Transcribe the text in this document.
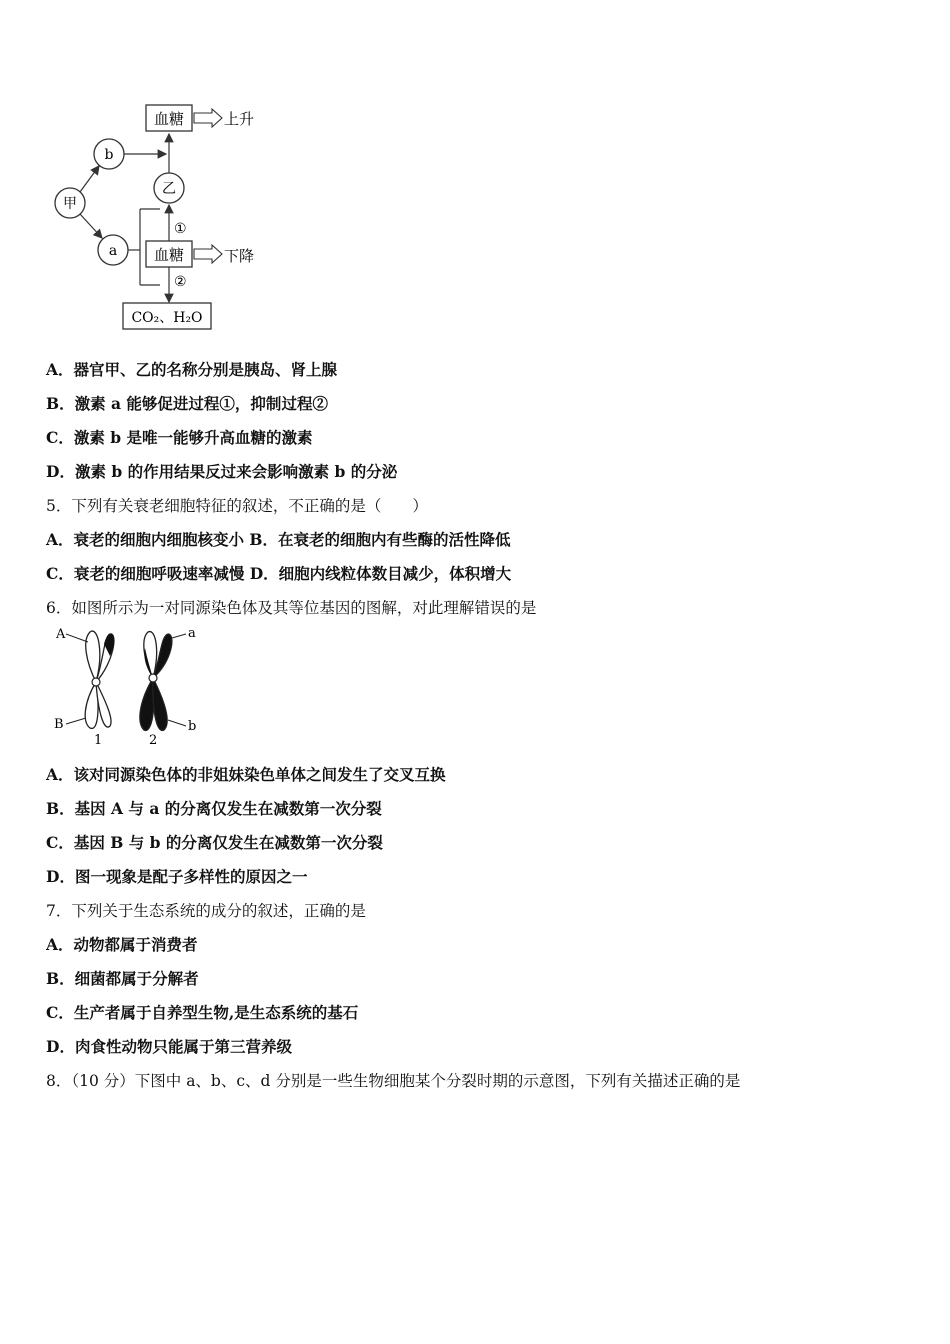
血糖	上升
甲
b
a
乙
血糖	下降
①
②
CO₂、H₂O
A．器官甲、乙的名称分别是胰岛、肾上腺
B．激素 a 能够促进过程①，抑制过程②
C．激素 b 是唯一能够升高血糖的激素
D．激素 b 的作用结果反过来会影响激素 b 的分泌
5．下列有关衰老细胞特征的叙述，不正确的是（　　）
A．衰老的细胞内细胞核变小 B．在衰老的细胞内有些酶的活性降低
C．衰老的细胞呼吸速率减慢 D．细胞内线粒体数目减少，体积增大
6．如图所示为一对同源染色体及其等位基因的图解，对此理解错误的是
A
B
a
b
1	2
A．该对同源染色体的非姐妹染色单体之间发生了交叉互换
B．基因 A 与 a 的分离仅发生在减数第一次分裂
C．基因 B 与 b 的分离仅发生在减数第一次分裂
D．图一现象是配子多样性的原因之一
7．下列关于生态系统的成分的叙述，正确的是
A．动物都属于消费者
B．细菌都属于分解者
C．生产者属于自养型生物,是生态系统的基石
D．肉食性动物只能属于第三营养级
8．（10 分）下图中 a、b、c、d 分别是一些生物细胞某个分裂时期的示意图，下列有关描述正确的是
